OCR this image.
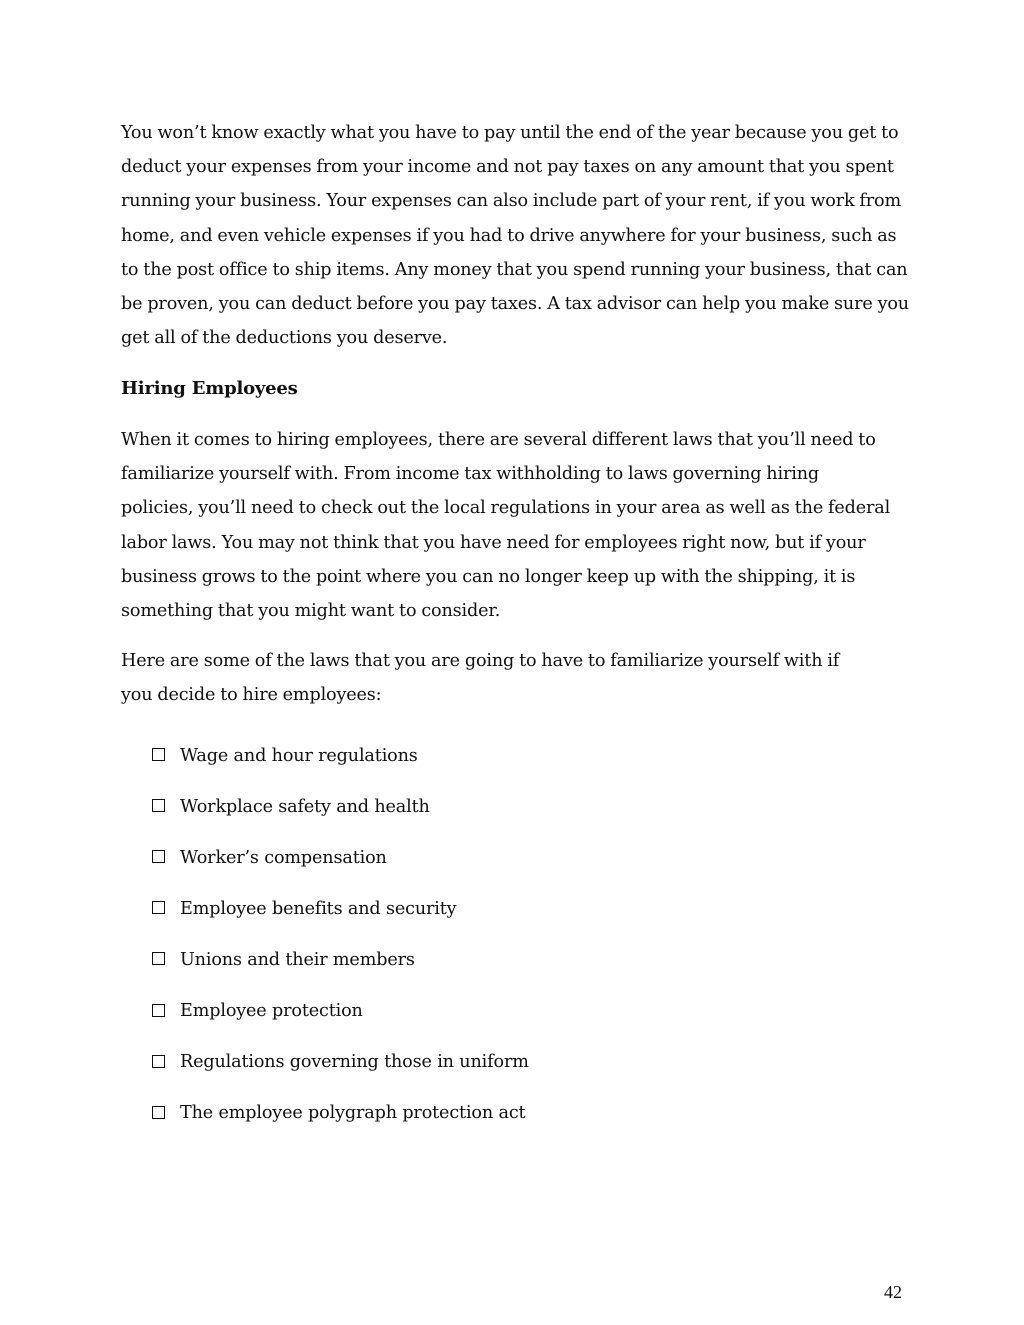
You won’t know exactly what you have to pay until the end of the year because you get to deduct your expenses from your income and not pay taxes on any amount that you spent running your business. Your expenses can also include part of your rent, if you work from home, and even vehicle expenses if you had to drive anywhere for your business, such as to the post office to ship items. Any money that you spend running your business, that can be proven, you can deduct before you pay taxes. A tax advisor can help you make sure you get all of the deductions you deserve.

Hiring Employees

When it comes to hiring employees, there are several different laws that you’ll need to familiarize yourself with. From income tax withholding to laws governing hiring policies, you’ll need to check out the local regulations in your area as well as the federal labor laws. You may not think that you have need for employees right now, but if your business grows to the point where you can no longer keep up with the shipping, it is something that you might want to consider.

Here are some of the laws that you are going to have to familiarize yourself with if you decide to hire employees:

Wage and hour regulations
Workplace safety and health
Worker’s compensation
Employee benefits and security
Unions and their members
Employee protection
Regulations governing those in uniform
The employee polygraph protection act
42
